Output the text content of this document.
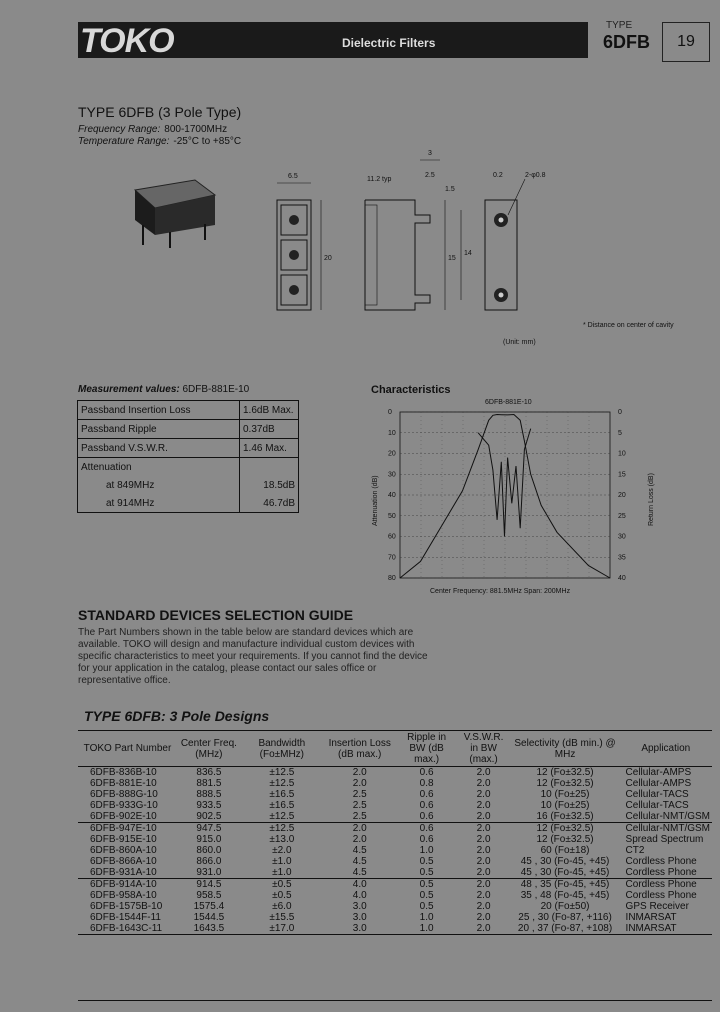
TOKO	Dielectric Filters
TYPE
6DFB	19
TYPE 6DFB (3 Pole Type)
Frequency Range: 800-1700MHz
Temperature Range: -25°C to +85°C
6.5
20
11.2 typ
3
2.5
1.5
15
14
0.2	2-φ0.8
* Distance on center of cavity
(Unit: mm)
Measurement values: 6DFB-881E-10
Passband Insertion Loss	1.6dB Max.
Passband Ripple	0.37dB
Passband V.S.W.R.	1.46 Max.
Attenuation	
at 849MHz	18.5dB
at 914MHz	46.7dB
Characteristics
0
10
20
30
40
50
60
70
80
0
5
10
15
20
25
30
35
40
6DFB-881E-10
Attenuation (dB)	Return Loss (dB)
Center Frequency: 881.5MHz Span: 200MHz
STANDARD DEVICES SELECTION GUIDE
The Part Numbers shown in the table below are standard devices which are available. TOKO will design and manufacture individual custom devices with specific characteristics to meet your requirements. If you cannot find the device for your application in the catalog, please contact our sales office or representative office.
TYPE 6DFB: 3 Pole Designs
TOKO Part Number	Center Freq. (MHz)	Bandwidth (Fo±MHz)	Insertion Loss (dB max.)	Ripple in BW (dB max.)	V.S.W.R. in BW (max.)	Selectivity (dB min.) @ MHz	Application
6DFB-836B-10	836.5	±12.5	2.0	0.6	2.0	12 (Fo±32.5)	Cellular-AMPS
6DFB-881E-10	881.5	±12.5	2.0	0.8	2.0	12 (Fo±32.5)	Cellular-AMPS
6DFB-888G-10	888.5	±16.5	2.5	0.6	2.0	10 (Fo±25)	Cellular-TACS
6DFB-933G-10	933.5	±16.5	2.5	0.6	2.0	10 (Fo±25)	Cellular-TACS
6DFB-902E-10	902.5	±12.5	2.5	0.6	2.0	16 (Fo±32.5)	Cellular-NMT/GSM
6DFB-947E-10	947.5	±12.5	2.0	0.6	2.0	12 (Fo±32.5)	Cellular-NMT/GSM
6DFB-915E-10	915.0	±13.0	2.0	0.6	2.0	12 (Fo±32.5)	Spread Spectrum
6DFB-860A-10	860.0	±2.0	4.5	1.0	2.0	60 (Fo±18)	CT2
6DFB-866A-10	866.0	±1.0	4.5	0.5	2.0	45 , 30 (Fo-45, +45)	Cordless Phone
6DFB-931A-10	931.0	±1.0	4.5	0.5	2.0	45 , 30 (Fo-45, +45)	Cordless Phone
6DFB-914A-10	914.5	±0.5	4.0	0.5	2.0	48 , 35 (Fo-45, +45)	Cordless Phone
6DFB-958A-10	958.5	±0.5	4.0	0.5	2.0	35 , 48 (Fo-45, +45)	Cordless Phone
6DFB-1575B-10	1575.4	±6.0	3.0	0.5	2.0	20 (Fo±50)	GPS Receiver
6DFB-1544F-11	1544.5	±15.5	3.0	1.0	2.0	25 , 30 (Fo-87, +116)	INMARSAT
6DFB-1643C-11	1643.5	±17.0	3.0	1.0	2.0	20 , 37 (Fo-87, +108)	INMARSAT
